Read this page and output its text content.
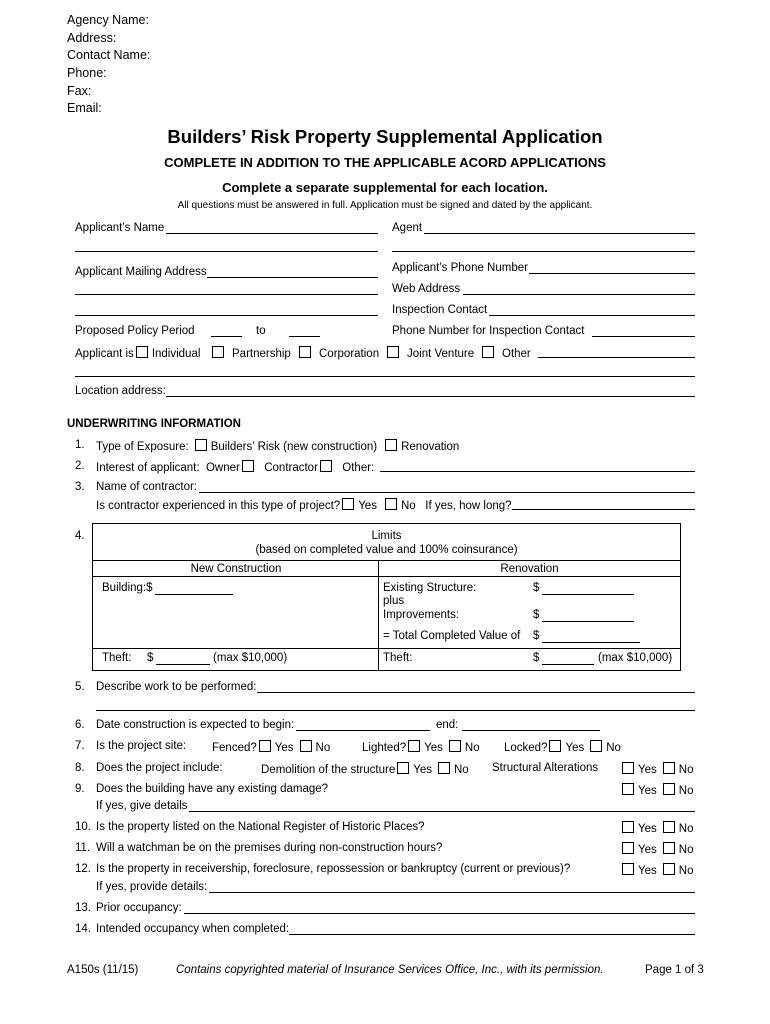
Agency Name:
Address:
Contact Name:
Phone:
Fax:
Email:
Builders’ Risk Property Supplemental Application
COMPLETE IN ADDITION TO THE APPLICABLE ACORD APPLICATIONS
Complete a separate supplemental for each location.
All questions must be answered in full. Application must be signed and dated by the applicant.
Applicant’s Name	Agent
Applicant Mailing Address	Applicant’s Phone Number
Web Address
Inspection Contact
Proposed Policy Period	to	Phone Number for Inspection Contact
Applicant is Individual	Partnership	Corporation	Joint Venture	Other
Location address:
UNDERWRITING INFORMATION
1. Type of Exposure: Builders’ Risk (new construction) Renovation
2. Interest of applicant: Owner Contractor Other:
3. Name of contractor:
Is contractor experienced in this type of project? Yes No If yes, how long?
4.	Limits
(based on completed value and 100% coinsurance)
New Construction	Renovation
Building:$	Existing Structure:	$
plus
Improvements:	$
= Total Completed Value of $
Theft: $	(max $10,000)	Theft:	$	(max $10,000)
5. Describe work to be performed:
6. Date construction is expected to begin:	end:
7. Is the project site: Fenced? Yes No	Lighted? Yes No Locked? Yes No
8. Does the project include:	Demolition of the structure Yes No Structural Alterations	Yes No
9. Does the building have any existing damage?	Yes No
If yes, give details
10. Is the property listed on the National Register of Historic Places?	Yes No
11. Will a watchman be on the premises during non-construction hours?	Yes No
12. Is the property in receivership, foreclosure, repossession or bankruptcy (current or previous)?	Yes No
If yes, provide details:
13. Prior occupancy:
14. Intended occupancy when completed:
A150s (11/15)	Contains copyrighted material of Insurance Services Office, Inc., with its permission.	Page 1 of 3
